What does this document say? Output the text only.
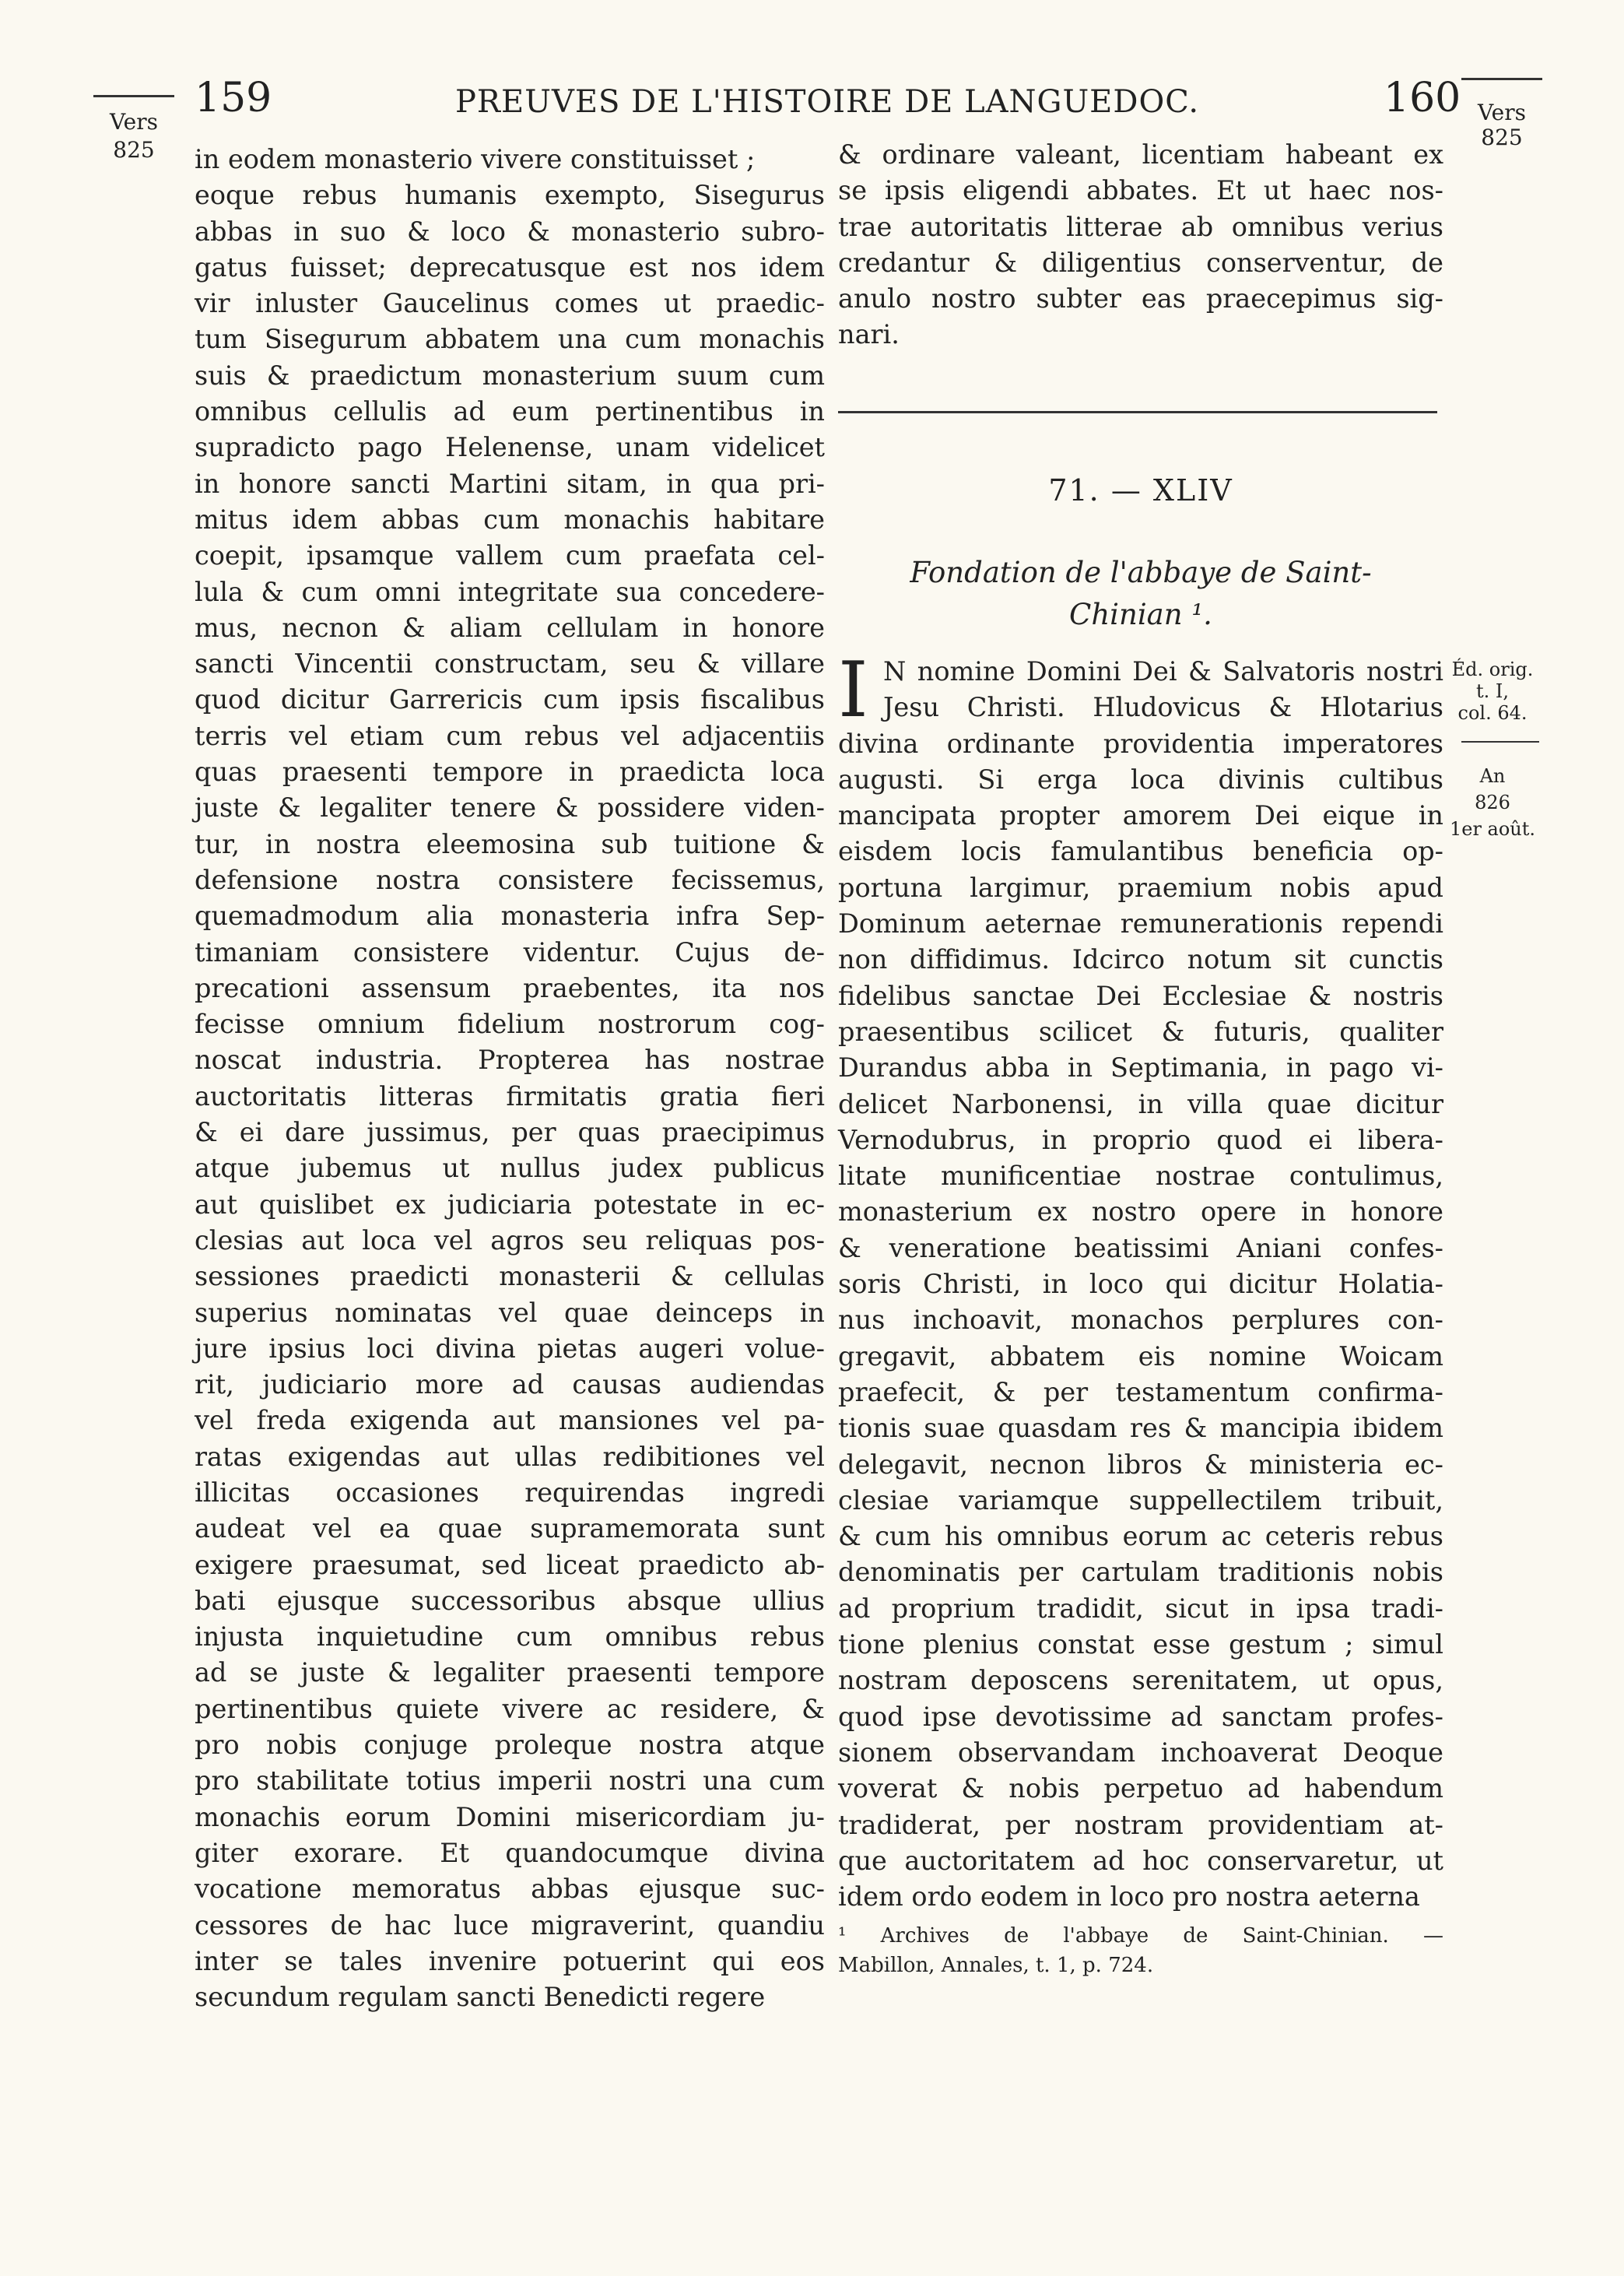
Vers
825
159	PREUVES DE L'HISTOIRE DE LANGUEDOC.	160 Vers
825
in eodem monasterio vivere constituisset ;
eoque rebus humanis exempto, Sisegurus
abbas in suo & loco & monasterio subro-
gatus fuisset; deprecatusque est nos idem
vir inluster Gaucelinus comes ut praedic-
tum Sisegurum abbatem una cum monachis
suis & praedictum monasterium suum cum
omnibus cellulis ad eum pertinentibus in
supradicto pago Helenense, unam videlicet
in honore sancti Martini sitam, in qua pri-
mitus idem abbas cum monachis habitare
coepit, ipsamque vallem cum praefata cel-
lula & cum omni integritate sua concedere-
mus, necnon & aliam cellulam in honore
sancti Vincentii constructam, seu & villare
quod dicitur Garrericis cum ipsis fiscalibus
terris vel etiam cum rebus vel adjacentiis
quas praesenti tempore in praedicta loca
juste & legaliter tenere & possidere viden-
tur, in nostra eleemosina sub tuitione &
defensione nostra consistere fecissemus,
quemadmodum alia monasteria infra Sep-
timaniam consistere videntur. Cujus de-
precationi assensum praebentes, ita nos
fecisse omnium fidelium nostrorum cog-
noscat industria. Propterea has nostrae
auctoritatis litteras firmitatis gratia fieri
& ei dare jussimus, per quas praecipimus
atque jubemus ut nullus judex publicus
aut quislibet ex judiciaria potestate in ec-
clesias aut loca vel agros seu reliquas pos-
sessiones praedicti monasterii & cellulas
superius nominatas vel quae deinceps in
jure ipsius loci divina pietas augeri volue-
rit, judiciario more ad causas audiendas
vel freda exigenda aut mansiones vel pa-
ratas exigendas aut ullas redibitiones vel
illicitas occasiones requirendas ingredi
audeat vel ea quae supramemorata sunt
exigere praesumat, sed liceat praedicto ab-
bati ejusque successoribus absque ullius
injusta inquietudine cum omnibus rebus
ad se juste & legaliter praesenti tempore
pertinentibus quiete vivere ac residere, &
pro nobis conjuge proleque nostra atque
pro stabilitate totius imperii nostri una cum
monachis eorum Domini misericordiam ju-
giter exorare. Et quandocumque divina
vocatione memoratus abbas ejusque suc-
cessores de hac luce migraverint, quandiu
inter se tales invenire potuerint qui eos
secundum regulam sancti Benedicti regere
& ordinare valeant, licentiam habeant ex
se ipsis eligendi abbates. Et ut haec nos-
trae autoritatis litterae ab omnibus verius
credantur & diligentius conserventur, de
anulo nostro subter eas praecepimus sig-
nari.
71. — XLIV
Fondation de l'abbaye de Saint-
Chinian ¹.
I N nomine Domini Dei & Salvatoris nostri
Jesu Christi. Hludovicus & Hlotarius
divina ordinante providentia imperatores
augusti. Si erga loca divinis cultibus
mancipata propter amorem Dei eique in
eisdem locis famulantibus beneficia op-
portuna largimur, praemium nobis apud
Dominum aeternae remunerationis rependi
non diffidimus. Idcirco notum sit cunctis
fidelibus sanctae Dei Ecclesiae & nostris
praesentibus scilicet & futuris, qualiter
Durandus abba in Septimania, in pago vi-
delicet Narbonensi, in villa quae dicitur
Vernodubrus, in proprio quod ei libera-
litate munificentiae nostrae contulimus,
monasterium ex nostro opere in honore
& veneratione beatissimi Aniani confes-
soris Christi, in loco qui dicitur Holatia-
nus inchoavit, monachos perplures con-
gregavit, abbatem eis nomine Woicam
praefecit, & per testamentum confirma-
tionis suae quasdam res & mancipia ibidem
delegavit, necnon libros & ministeria ec-
clesiae variamque suppellectilem tribuit,
& cum his omnibus eorum ac ceteris rebus
denominatis per cartulam traditionis nobis
ad proprium tradidit, sicut in ipsa tradi-
tione plenius constat esse gestum ; simul
nostram deposcens serenitatem, ut opus,
quod ipse devotissime ad sanctam profes-
sionem observandam inchoaverat Deoque
voverat & nobis perpetuo ad habendum
tradiderat, per nostram providentiam at-
que auctoritatem ad hoc conservaretur, ut
idem ordo eodem in loco pro nostra aeterna
Éd. orig.
t. I,
col. 64.
An
826
1er août.
¹ Archives de l'abbaye de Saint-Chinian. —
Mabillon, Annales, t. 1, p. 724.
